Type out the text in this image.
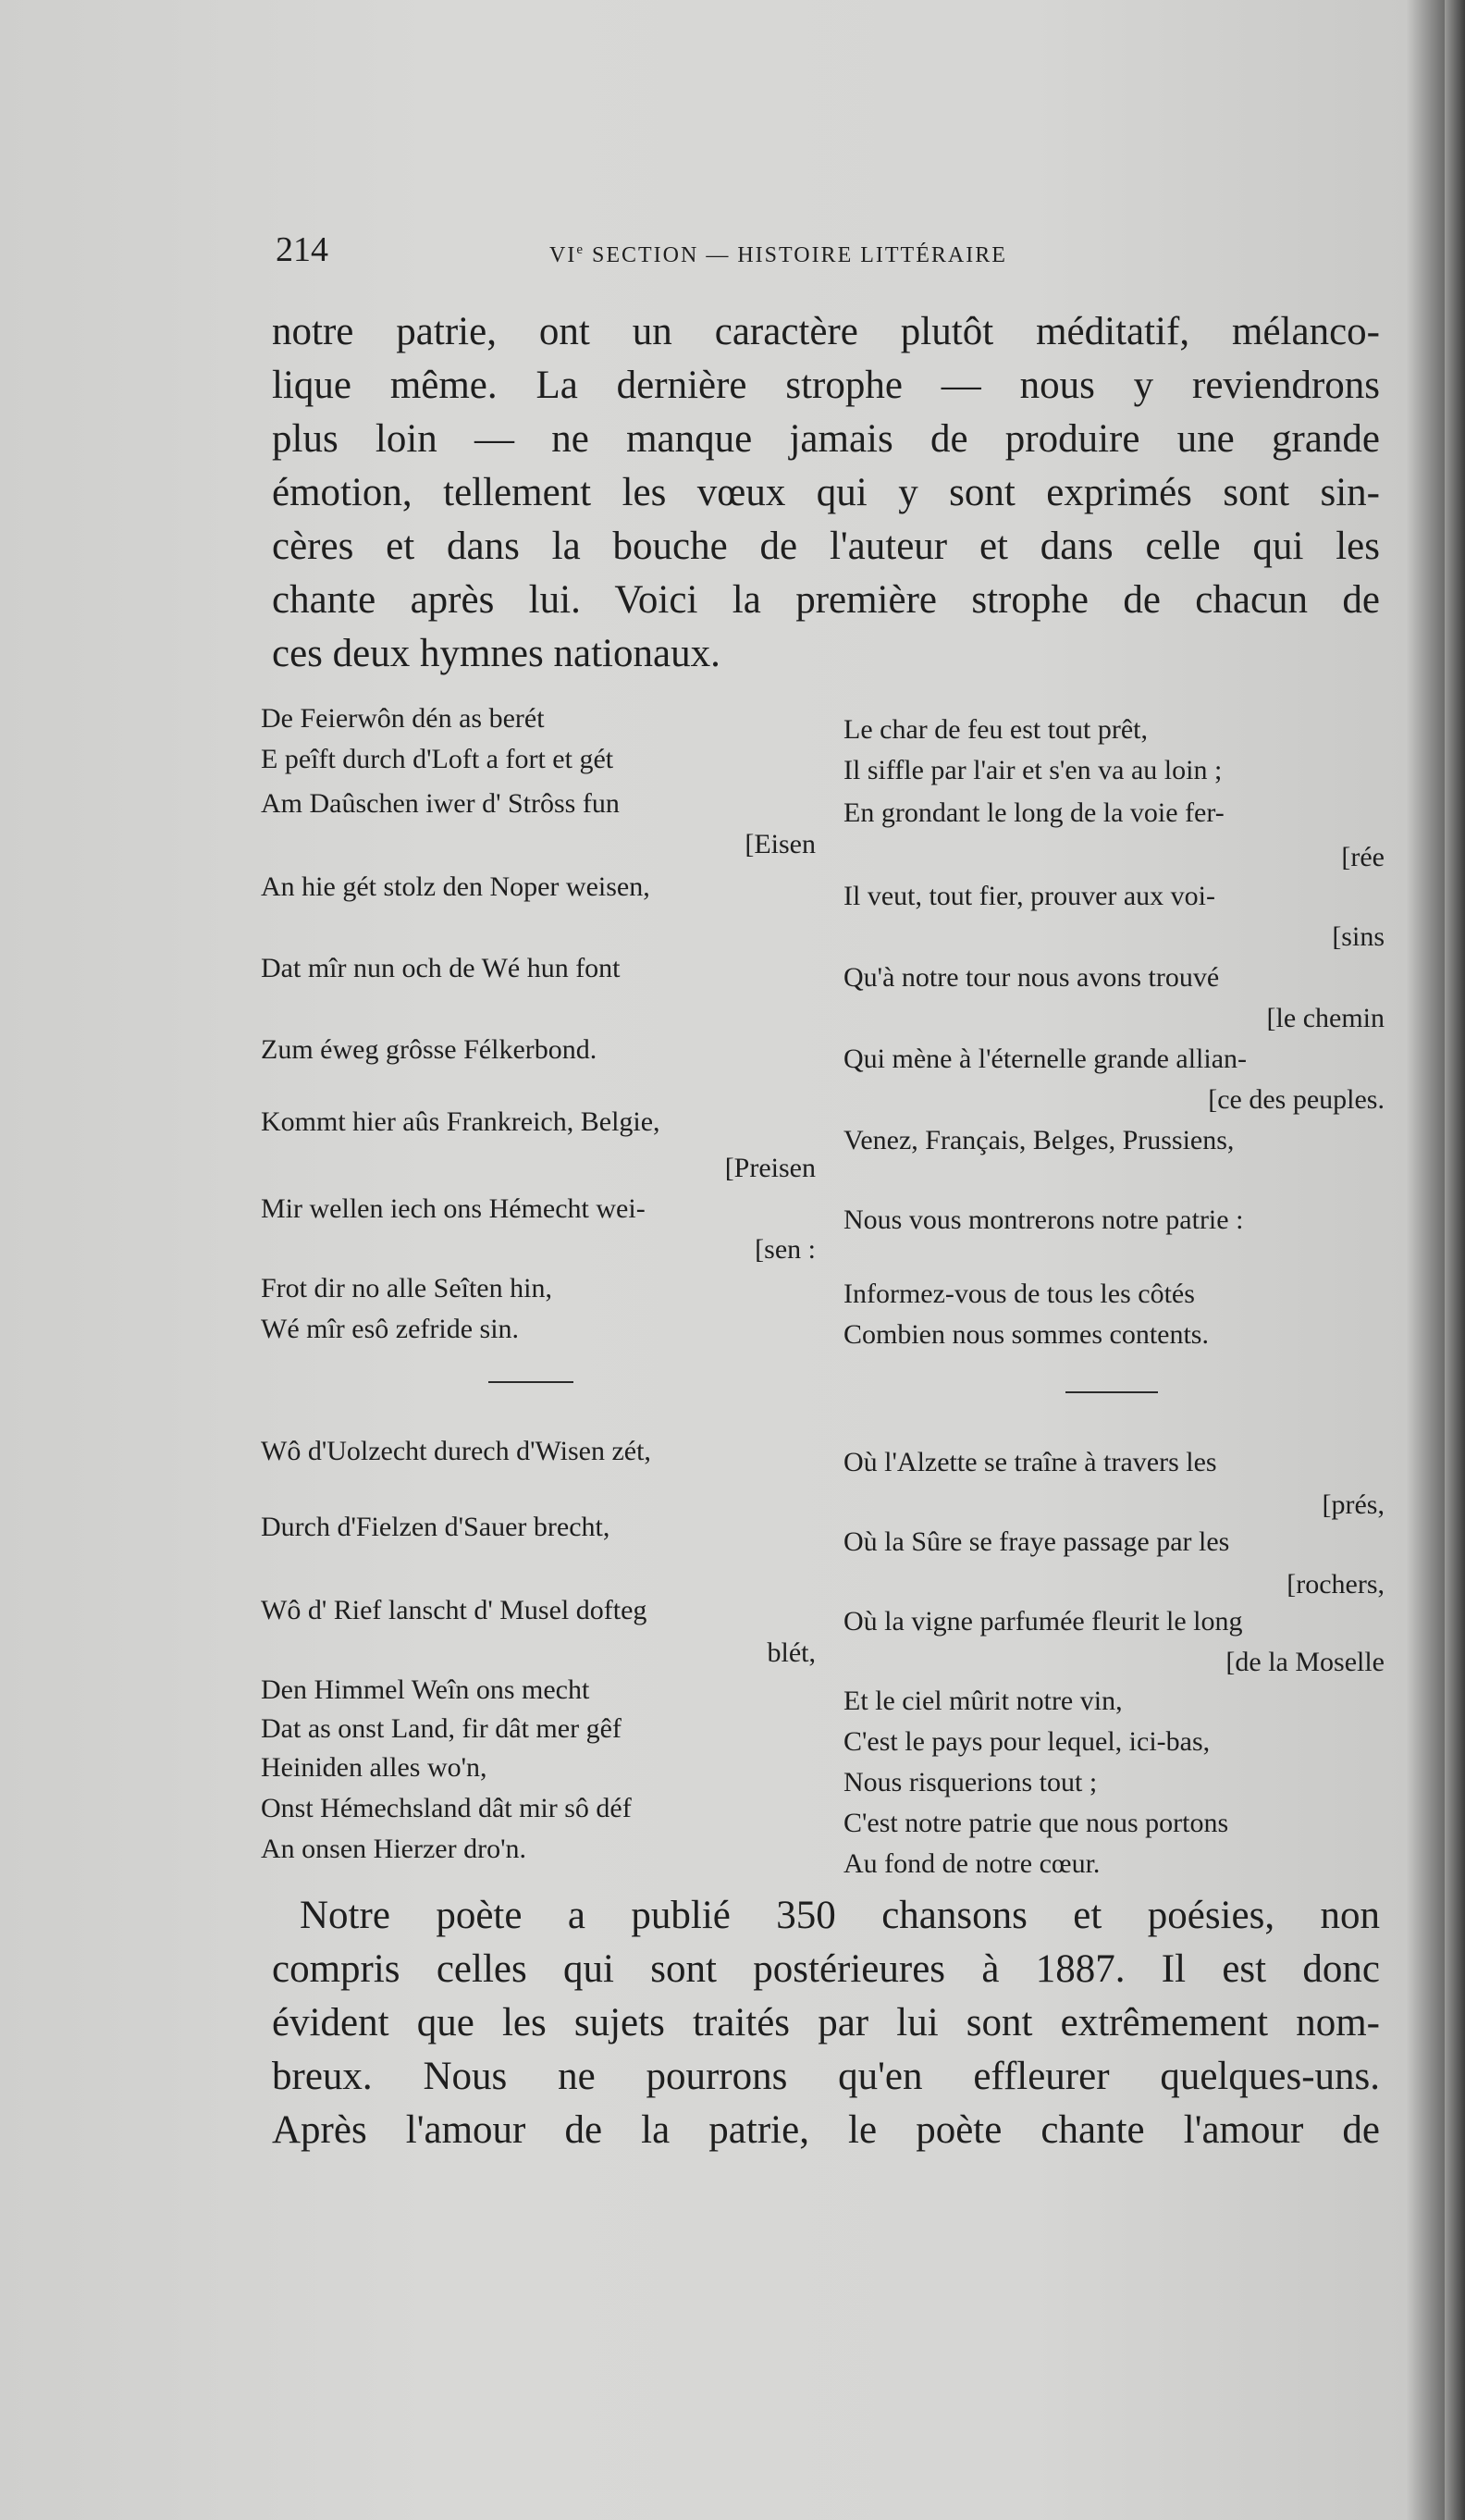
214	VIe SECTION — HISTOIRE LITTÉRAIRE
notre patrie, ont un caractère plutôt méditatif, mélanco-
lique même. La dernière strophe — nous y reviendrons
plus loin — ne manque jamais de produire une grande
émotion, tellement les vœux qui y sont exprimés sont sin-
cères et dans la bouche de l'auteur et dans celle qui les
chante après lui. Voici la première strophe de chacun de
ces deux hymnes nationaux.
De Feierwôn dén as berét
E peîft durch d'Loft a fort et gét
Am Daûschen iwer d' Strôss fun
[Eisen
An hie gét stolz den Noper weisen,
Dat mîr nun och de Wé hun font
Zum éweg grôsse Félkerbond.
Kommt hier aûs Frankreich, Belgie,
[Preisen
Mir wellen iech ons Hémecht wei-
[sen :
Frot dir no alle Seîten hin,
Wé mîr esô zefride sin.
Le char de feu est tout prêt,
Il siffle par l'air et s'en va au loin ;
En grondant le long de la voie fer-
[rée
Il veut, tout fier, prouver aux voi-
[sins
Qu'à notre tour nous avons trouvé
[le chemin
Qui mène à l'éternelle grande allian-
[ce des peuples.
Venez, Français, Belges, Prussiens,
Nous vous montrerons notre patrie :
Informez-vous de tous les côtés
Combien nous sommes contents.
Wô d'Uolzecht durech d'Wisen zét,
Durch d'Fielzen d'Sauer brecht,
Wô d' Rief lanscht d' Musel dofteg
blét,
Den Himmel Weîn ons mecht
Dat as onst Land, fir dât mer gêf
Heiniden alles wo'n,
Onst Hémechsland dât mir sô déf
An onsen Hierzer dro'n.
Où l'Alzette se traîne à travers les
[prés,
Où la Sûre se fraye passage par les
[rochers,
Où la vigne parfumée fleurit le long
[de la Moselle
Et le ciel mûrit notre vin,
C'est le pays pour lequel, ici-bas,
Nous risquerions tout ;
C'est notre patrie que nous portons
Au fond de notre cœur.
Notre poète a publié 350 chansons et poésies, non
compris celles qui sont postérieures à 1887. Il est donc
évident que les sujets traités par lui sont extrêmement nom-
breux. Nous ne pourrons qu'en effleurer quelques-uns.
Après l'amour de la patrie, le poète chante l'amour de
